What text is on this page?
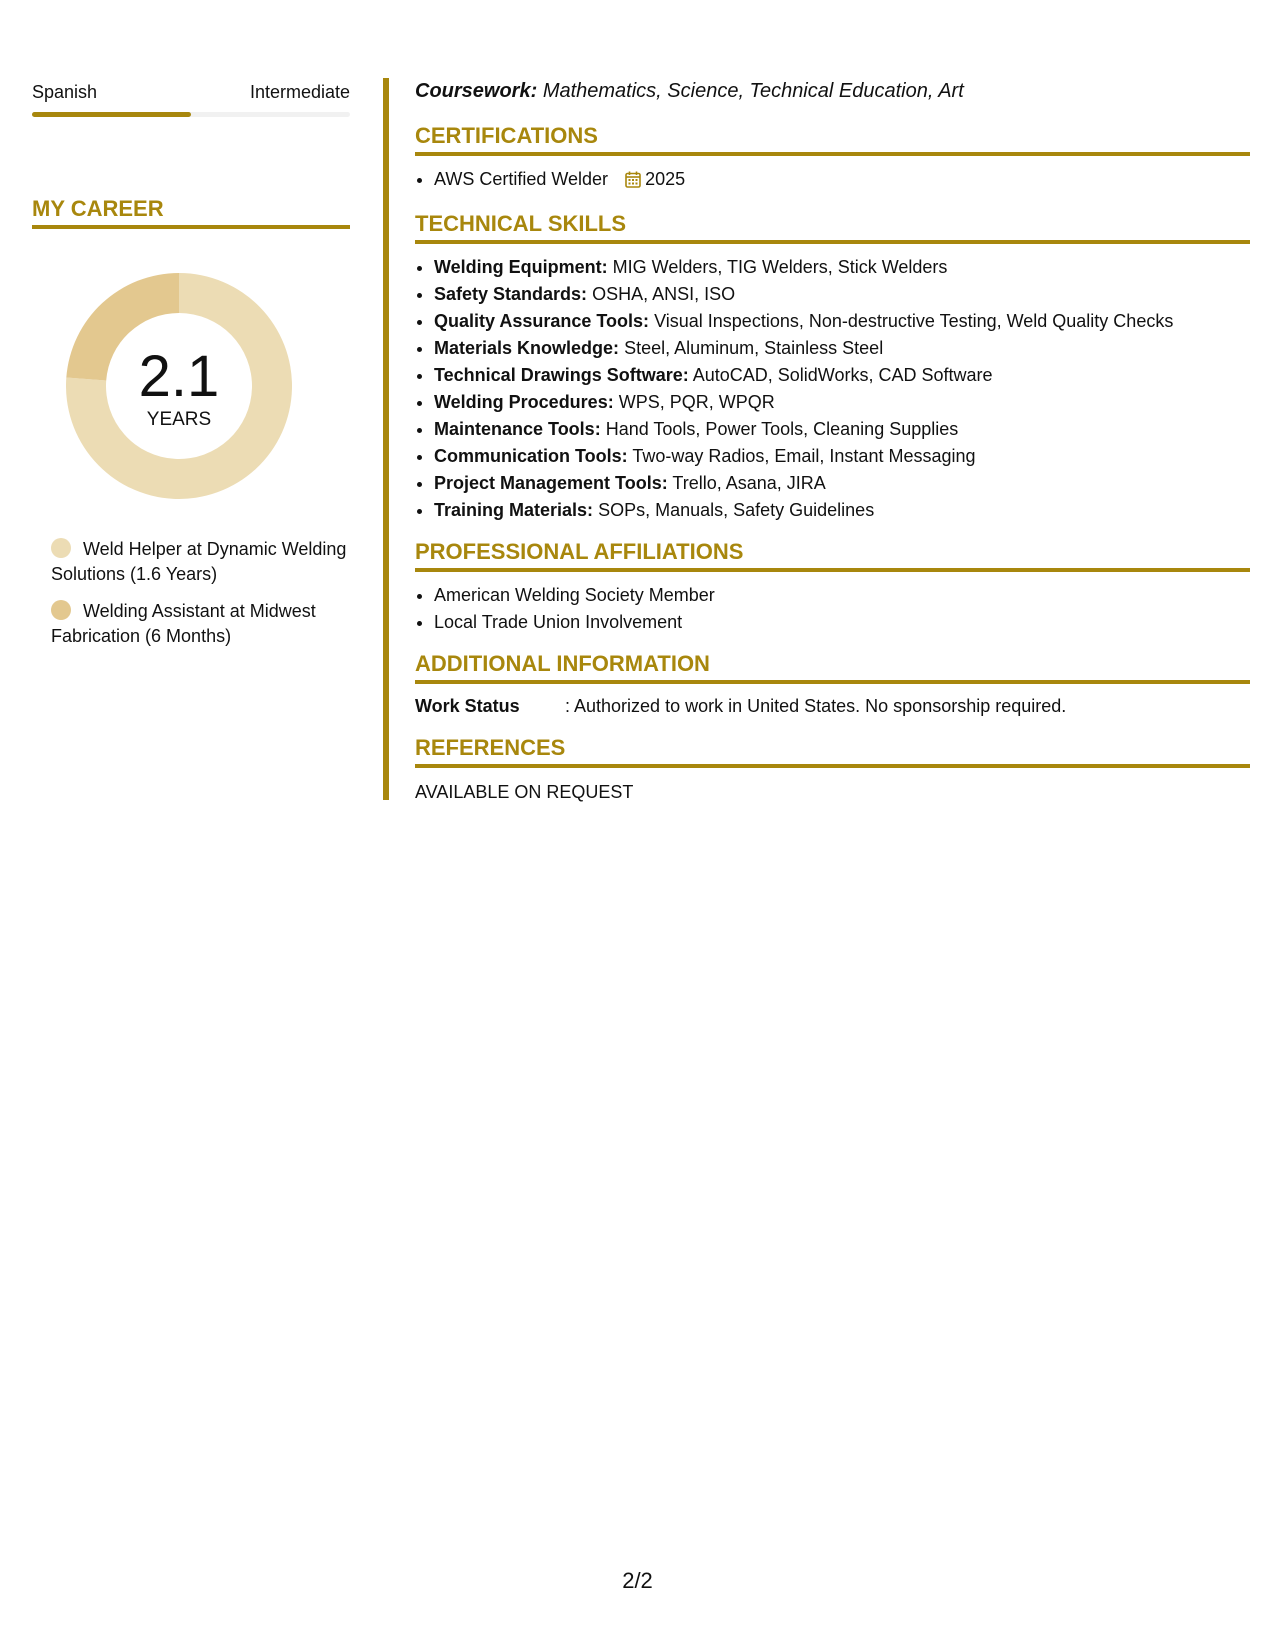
Spanish	Intermediate
MY CAREER
2.1
YEARS
Weld Helper at Dynamic Welding Solutions (1.6 Years)
Welding Assistant at Midwest Fabrication (6 Months)

Coursework: Mathematics, Science, Technical Education, Art

CERTIFICATIONS
• AWS Certified Welder 2025
TECHNICAL SKILLS
• Welding Equipment: MIG Welders, TIG Welders, Stick Welders
• Safety Standards: OSHA, ANSI, ISO
• Quality Assurance Tools: Visual Inspections, Non-destructive Testing, Weld Quality Checks
• Materials Knowledge: Steel, Aluminum, Stainless Steel
• Technical Drawings Software: AutoCAD, SolidWorks, CAD Software
• Welding Procedures: WPS, PQR, WPQR
• Maintenance Tools: Hand Tools, Power Tools, Cleaning Supplies
• Communication Tools: Two-way Radios, Email, Instant Messaging
• Project Management Tools: Trello, Asana, JIRA
• Training Materials: SOPs, Manuals, Safety Guidelines
PROFESSIONAL AFFILIATIONS
• American Welding Society Member
• Local Trade Union Involvement
ADDITIONAL INFORMATION
Work Status	: Authorized to work in United States. No sponsorship required.
REFERENCES

AVAILABLE ON REQUEST

2/2
